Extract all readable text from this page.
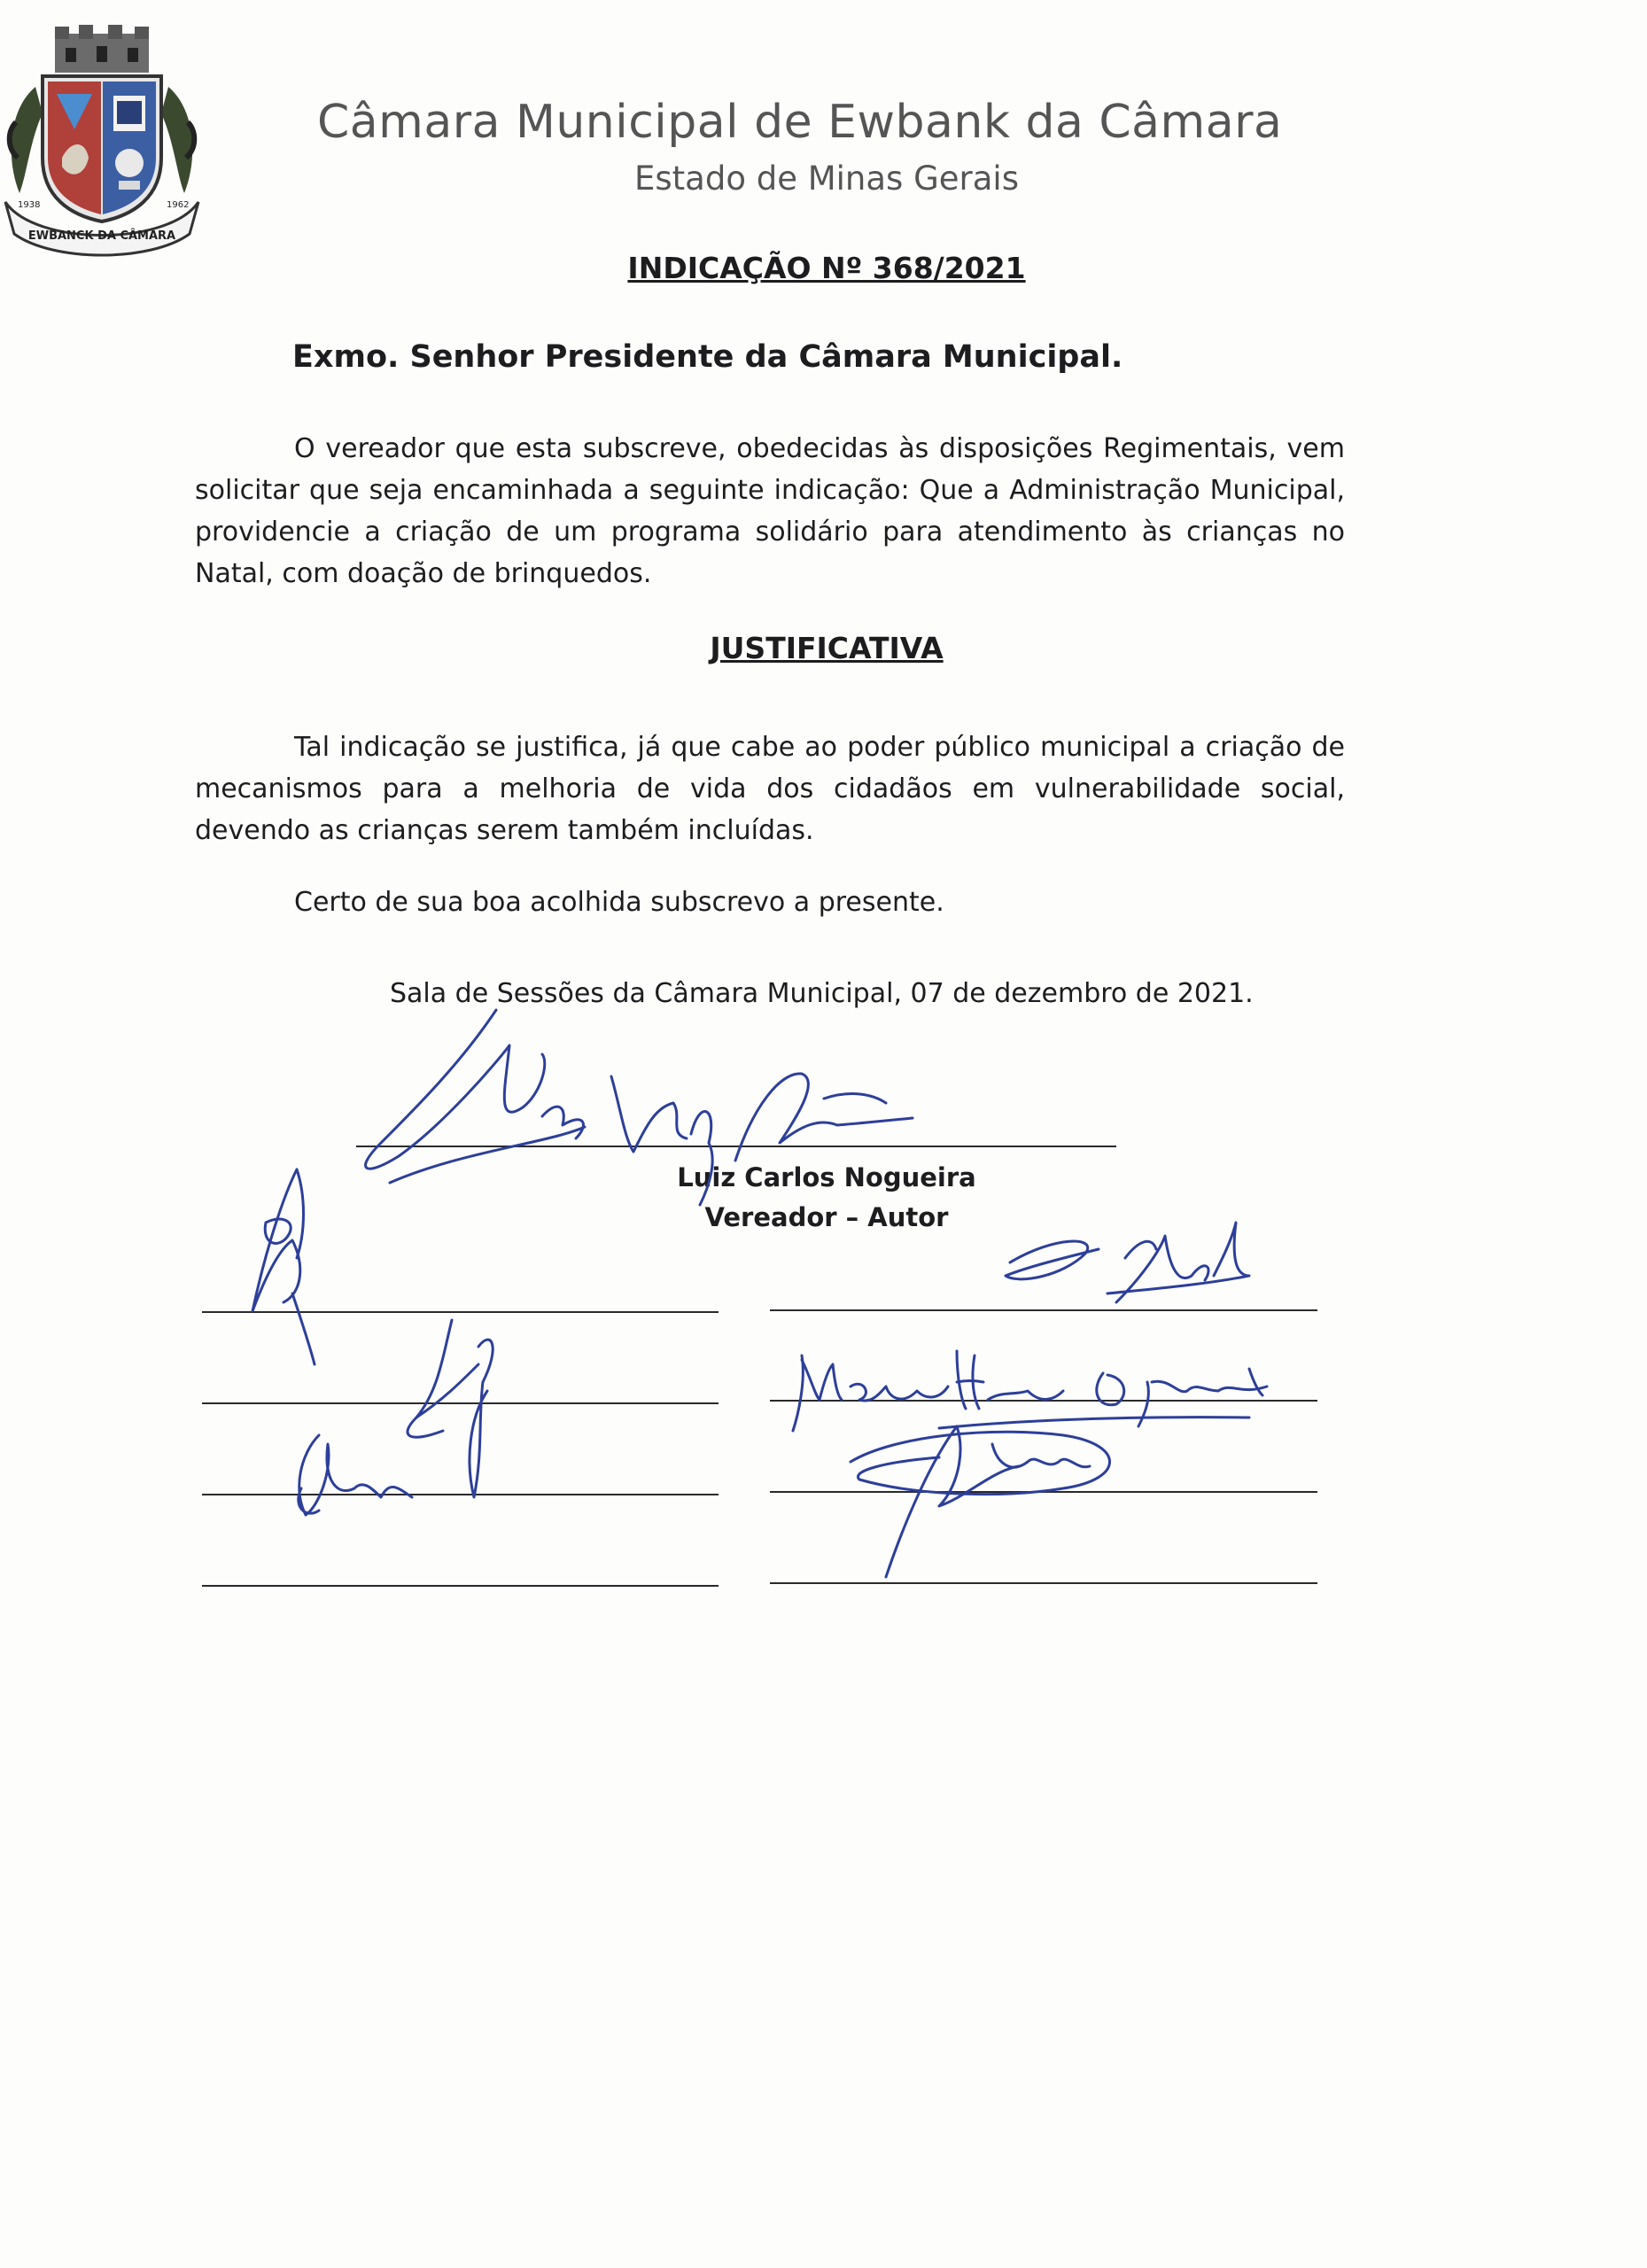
EWBANCK DA CÂMARA
1938	1962
Câmara Municipal de Ewbank da Câmara
Estado de Minas Gerais
INDICAÇÃO Nº 368/2021
Exmo. Senhor Presidente da Câmara Municipal.
O vereador que esta subscreve, obedecidas às disposições Regimentais, vem solicitar que seja encaminhada a seguinte indicação: Que a Administração Municipal, providencie a criação de um programa solidário para atendimento às crianças no Natal, com doação de brinquedos.
JUSTIFICATIVA
Tal indicação se justifica, já que cabe ao poder público municipal a criação de mecanismos para a melhoria de vida dos cidadãos em vulnerabilidade social, devendo as crianças serem também incluídas.
Certo de sua boa acolhida subscrevo a presente.
Sala de Sessões da Câmara Municipal, 07 de dezembro de 2021.
Luiz Carlos Nogueira
Vereador – Autor
